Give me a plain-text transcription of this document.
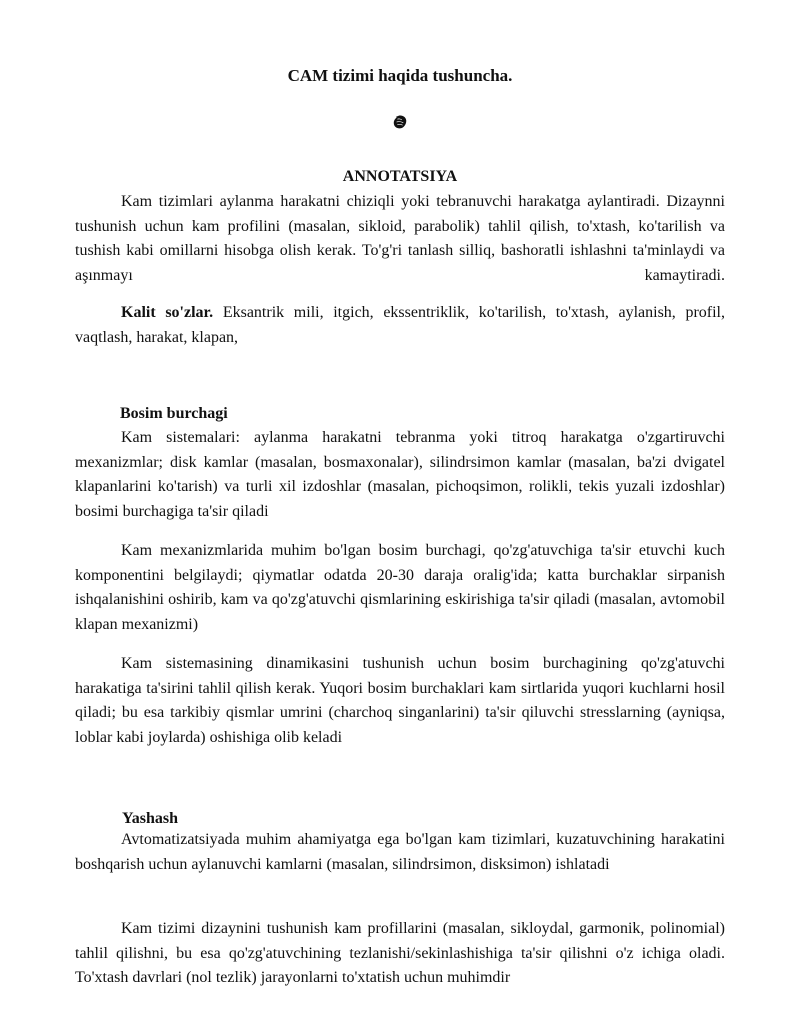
CAM tizimi haqida tushuncha.
ANNOTATSIYA

Kam tizimlari aylanma harakatni chiziqli yoki tebranuvchi harakatga aylantiradi. Dizaynni tushunish uchun kam profilini (masalan, sikloid, parabolik) tahlil qilish, to'xtash, ko'tarilish va tushish kabi omillarni hisobga olish kerak. To'g'ri tanlash silliq, bashoratli ishlashni ta'minlaydi va aşınmayı kamaytiradi.

Kalit so'zlar. Eksantrik mili, itgich, ekssentriklik, ko'tarilish, to'xtash, aylanish, profil, vaqtlash, harakat, klapan,

Bosim burchagi

Kam sistemalari: aylanma harakatni tebranma yoki titroq harakatga o'zgartiruvchi mexanizmlar; disk kamlar (masalan, bosmaxonalar), silindrsimon kamlar (masalan, ba'zi dvigatel klapanlarini ko'tarish) va turli xil izdoshlar (masalan, pichoqsimon, rolikli, tekis yuzali izdoshlar) bosimi burchagiga ta'sir qiladi

Kam mexanizmlarida muhim bo'lgan bosim burchagi, qo'zg'atuvchiga ta'sir etuvchi kuch komponentini belgilaydi; qiymatlar odatda 20-30 daraja oralig'ida; katta burchaklar sirpanish ishqalanishini oshirib, kam va qo'zg'atuvchi qismlarining eskirishiga ta'sir qiladi (masalan, avtomobil klapan mexanizmi)

Kam sistemasining dinamikasini tushunish uchun bosim burchagining qo'zg'atuvchi harakatiga ta'sirini tahlil qilish kerak. Yuqori bosim burchaklari kam sirtlarida yuqori kuchlarni hosil qiladi; bu esa tarkibiy qismlar umrini (charchoq singanlarini) ta'sir qiluvchi stresslarning (ayniqsa, loblar kabi joylarda) oshishiga olib keladi

Yashash

Avtomatizatsiyada muhim ahamiyatga ega bo'lgan kam tizimlari, kuzatuvchining harakatini boshqarish uchun aylanuvchi kamlarni (masalan, silindrsimon, disksimon) ishlatadi

Kam tizimi dizaynini tushunish kam profillarini (masalan, sikloydal, garmonik, polinomial) tahlil qilishni, bu esa qo'zg'atuvchining tezlanishi/sekinlashishiga ta'sir qilishni o'z ichiga oladi. To'xtash davrlari (nol tezlik) jarayonlarni to'xtatish uchun muhimdir
